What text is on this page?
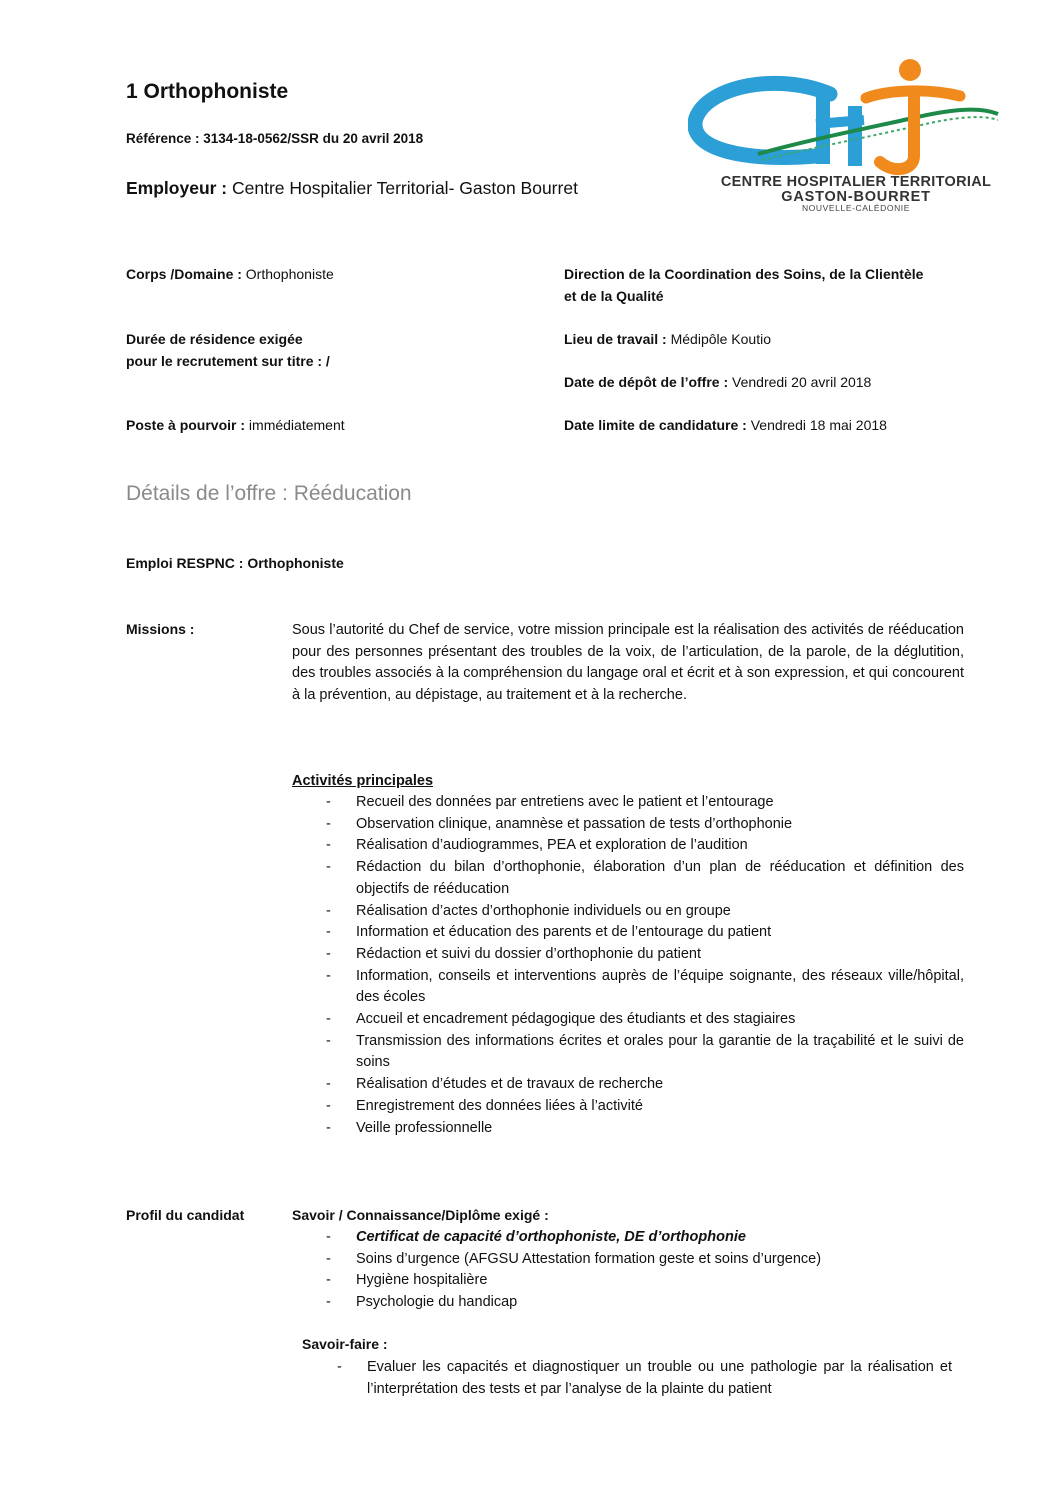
1 Orthophoniste
Référence : 3134-18-0562/SSR du 20 avril 2018
Employeur : Centre Hospitalier Territorial- Gaston Bourret	CENTRE HOSPITALIER TERRITORIAL
GASTON-BOURRET
NOUVELLE-CALÉDONIE
Corps /Domaine : Orthophoniste	Direction de la Coordination des Soins, de la Clientèle
et de la Qualité
Durée de résidence exigée
pour le recrutement sur titre : /
Lieu de travail : Médipôle Koutio
Date de dépôt de l’offre : Vendredi 20 avril 2018
Poste à pourvoir : immédiatement	Date limite de candidature : Vendredi 18 mai 2018
Détails de l’offre : Rééducation
Emploi RESPNC : Orthophoniste
Missions :	Sous l’autorité du Chef de service, votre mission principale est la réalisation des activités de rééducation pour des personnes présentant des troubles de la voix, de l’articulation, de la parole, de la déglutition, des troubles associés à la compréhension du langage oral et écrit et à son expression, et qui concourent à la prévention, au dépistage, au traitement et à la recherche.
Activités principales
- Recueil des données par entretiens avec le patient et l’entourage
- Observation clinique, anamnèse et passation de tests d’orthophonie
- Réalisation d’audiogrammes, PEA et exploration de l’audition
- Rédaction du bilan d’orthophonie, élaboration d’un plan de rééducation et définition des objectifs de rééducation
- Réalisation d’actes d’orthophonie individuels ou en groupe
- Information et éducation des parents et de l’entourage du patient
- Rédaction et suivi du dossier d’orthophonie du patient
- Information, conseils et interventions auprès de l’équipe soignante, des réseaux ville/hôpital, des écoles
- Accueil et encadrement pédagogique des étudiants et des stagiaires
- Transmission des informations écrites et orales pour la garantie de la traçabilité et le suivi de soins
- Réalisation d’études et de travaux de recherche
- Enregistrement des données liées à l’activité
- Veille professionnelle
Profil du candidat	Savoir / Connaissance/Diplôme exigé :
- Certificat de capacité d’orthophoniste, DE d’orthophonie
- Soins d’urgence (AFGSU Attestation formation geste et soins d’urgence)
- Hygiène hospitalière
- Psychologie du handicap
Savoir-faire :
- Evaluer les capacités et diagnostiquer un trouble ou une pathologie par la réalisation et l’interprétation des tests et par l’analyse de la plainte du patient
